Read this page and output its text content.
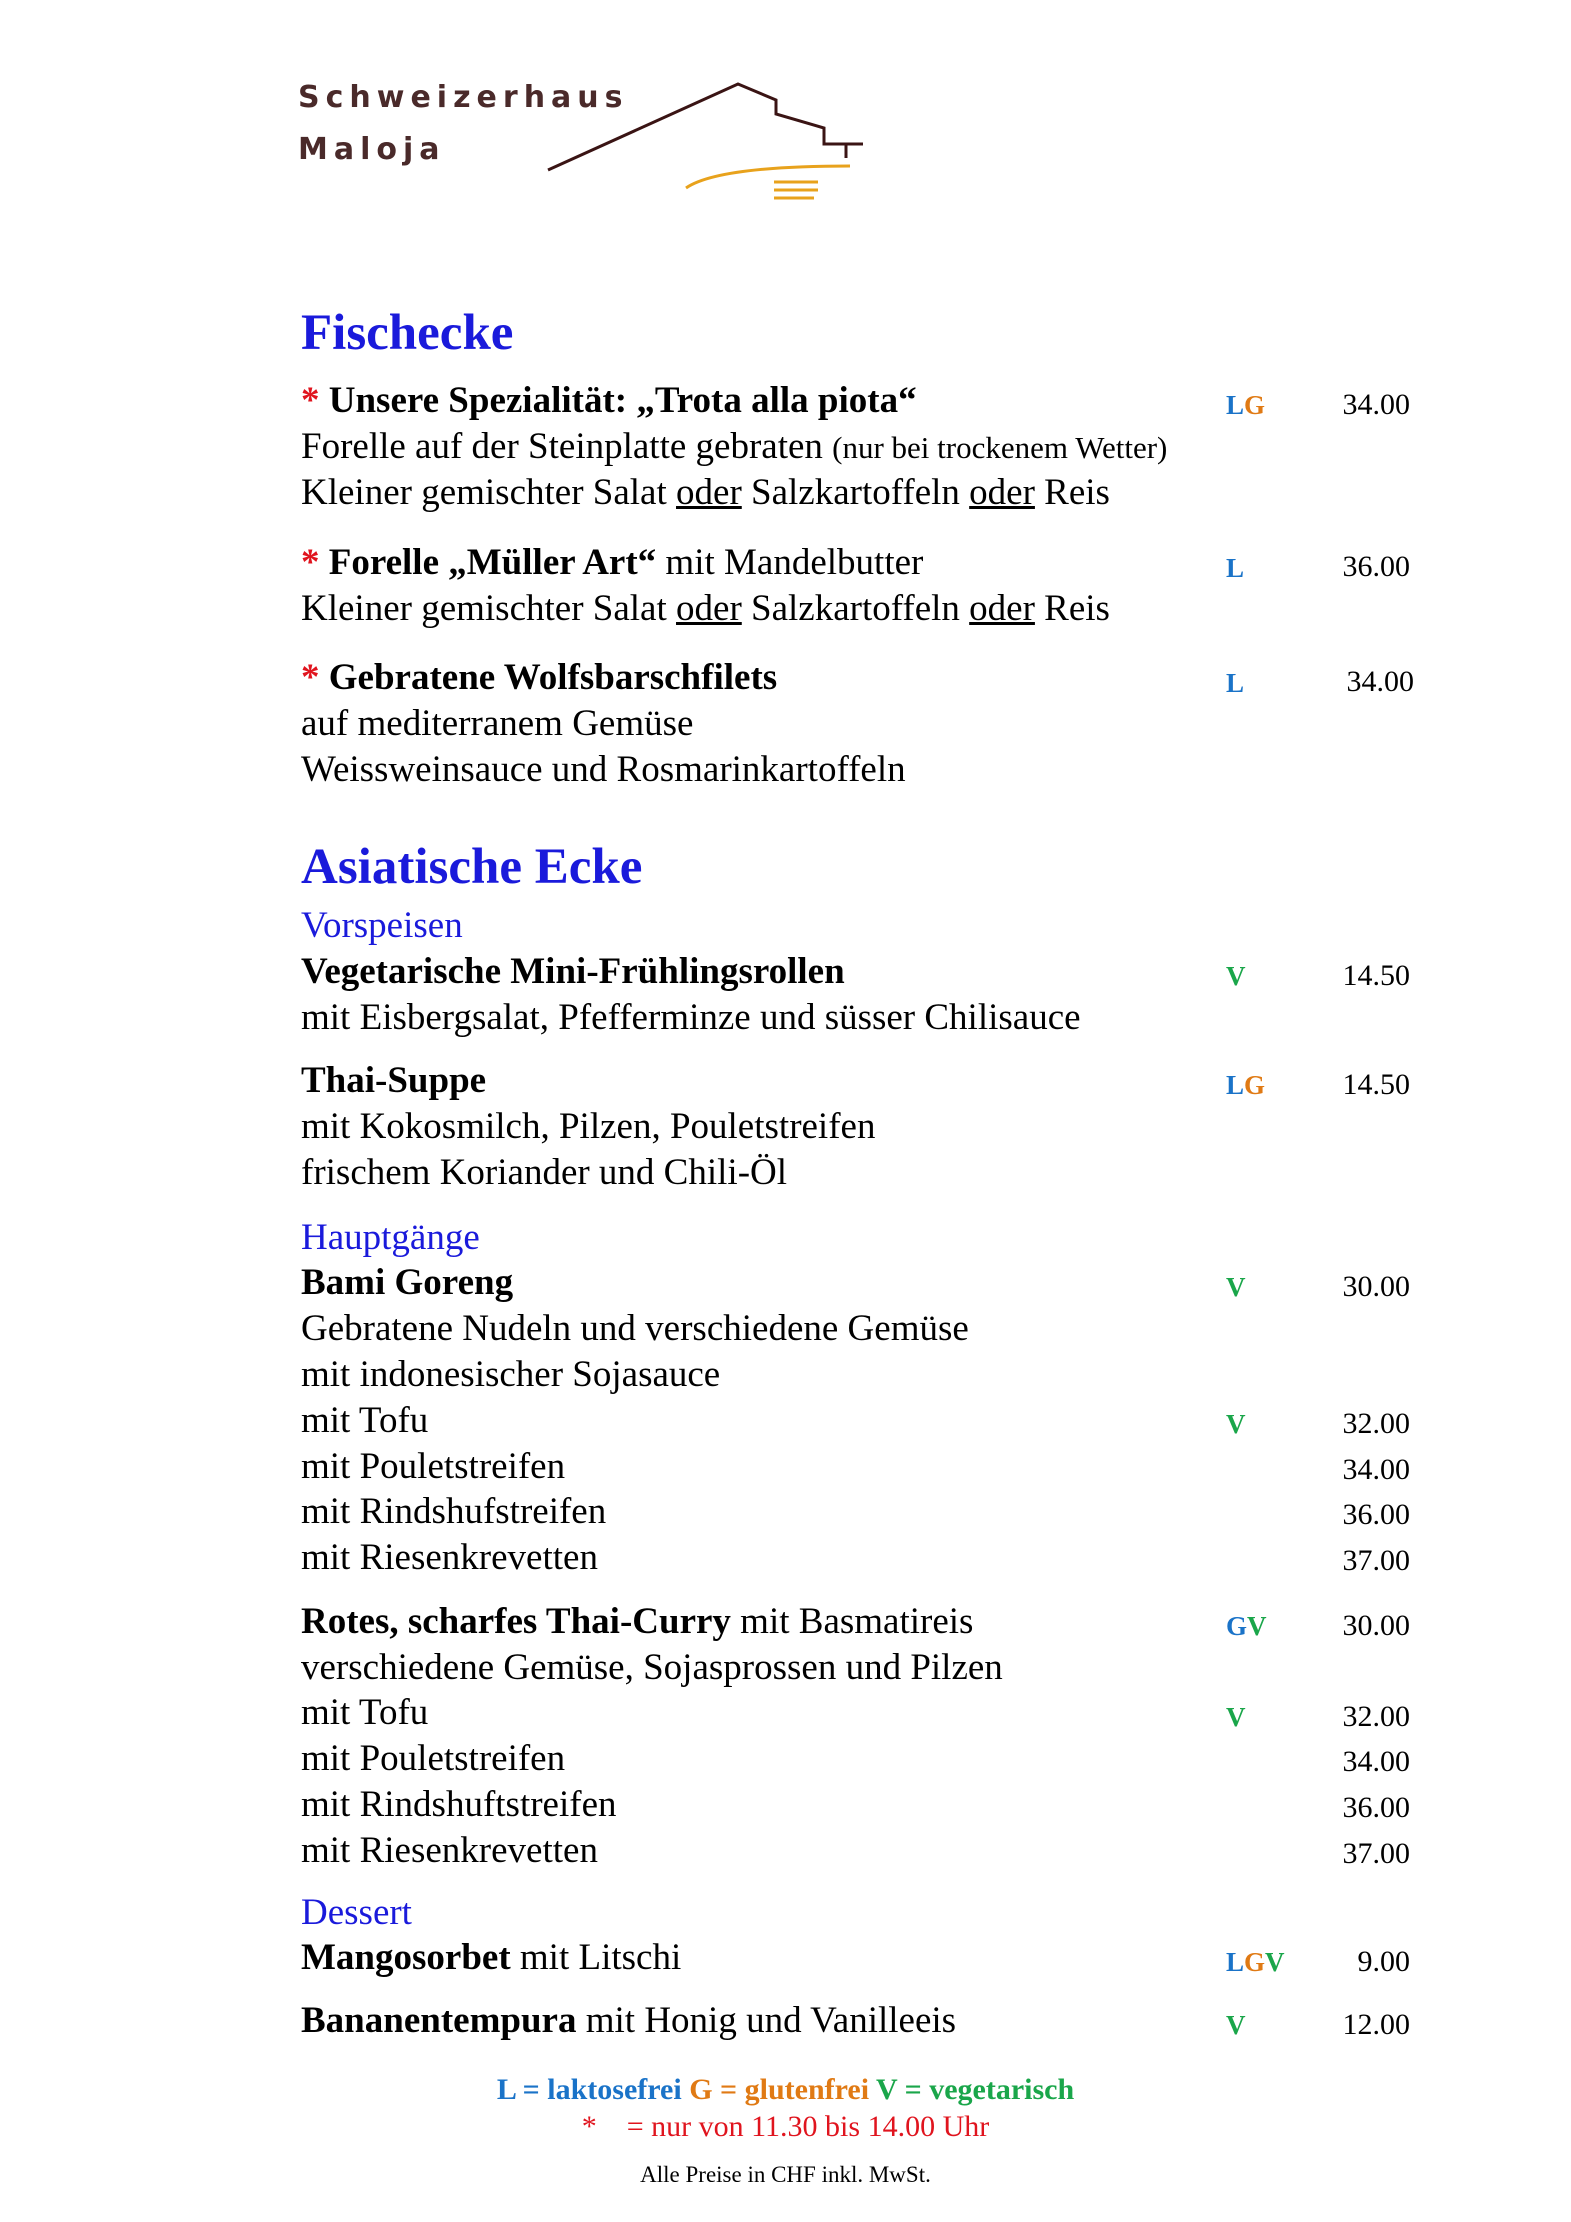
Schweizerhaus
Maloja
Fischecke
* Unsere Spezialität: „Trota alla piota“	LG	34.00
Forelle auf der Steinplatte gebraten (nur bei trockenem Wetter)
Kleiner gemischter Salat oder Salzkartoffeln oder Reis
* Forelle „Müller Art“ mit Mandelbutter	L	36.00
Kleiner gemischter Salat oder Salzkartoffeln oder Reis
* Gebratene Wolfsbarschfilets	L	34.00
auf mediterranem Gemüse
Weissweinsauce und Rosmarinkartoffeln
Asiatische Ecke
Vorspeisen
Vegetarische Mini-Frühlingsrollen	V	14.50
mit Eisbergsalat, Pfefferminze und süsser Chilisauce
Thai-Suppe	LG	14.50
mit Kokosmilch, Pilzen, Pouletstreifen
frischem Koriander und Chili-Öl
Hauptgänge
Bami Goreng	V	30.00
Gebratene Nudeln und verschiedene Gemüse
mit indonesischer Sojasauce
mit Tofu	V	32.00
mit Pouletstreifen	34.00
mit Rindshufstreifen	36.00
mit Riesenkrevetten	37.00
Rotes, scharfes Thai-Curry mit Basmatireis	GV	30.00
verschiedene Gemüse, Sojasprossen und Pilzen
mit Tofu	V	32.00
mit Pouletstreifen	34.00
mit Rindshuftstreifen	36.00
mit Riesenkrevetten	37.00
Dessert
Mangosorbet mit Litschi	LGV 9.00
Bananentempura mit Honig und Vanilleeis	V	12.00
L = laktosefrei G = glutenfrei V = vegetarisch
*    = nur von 11.30 bis 14.00 Uhr
Alle Preise in CHF inkl. MwSt.
